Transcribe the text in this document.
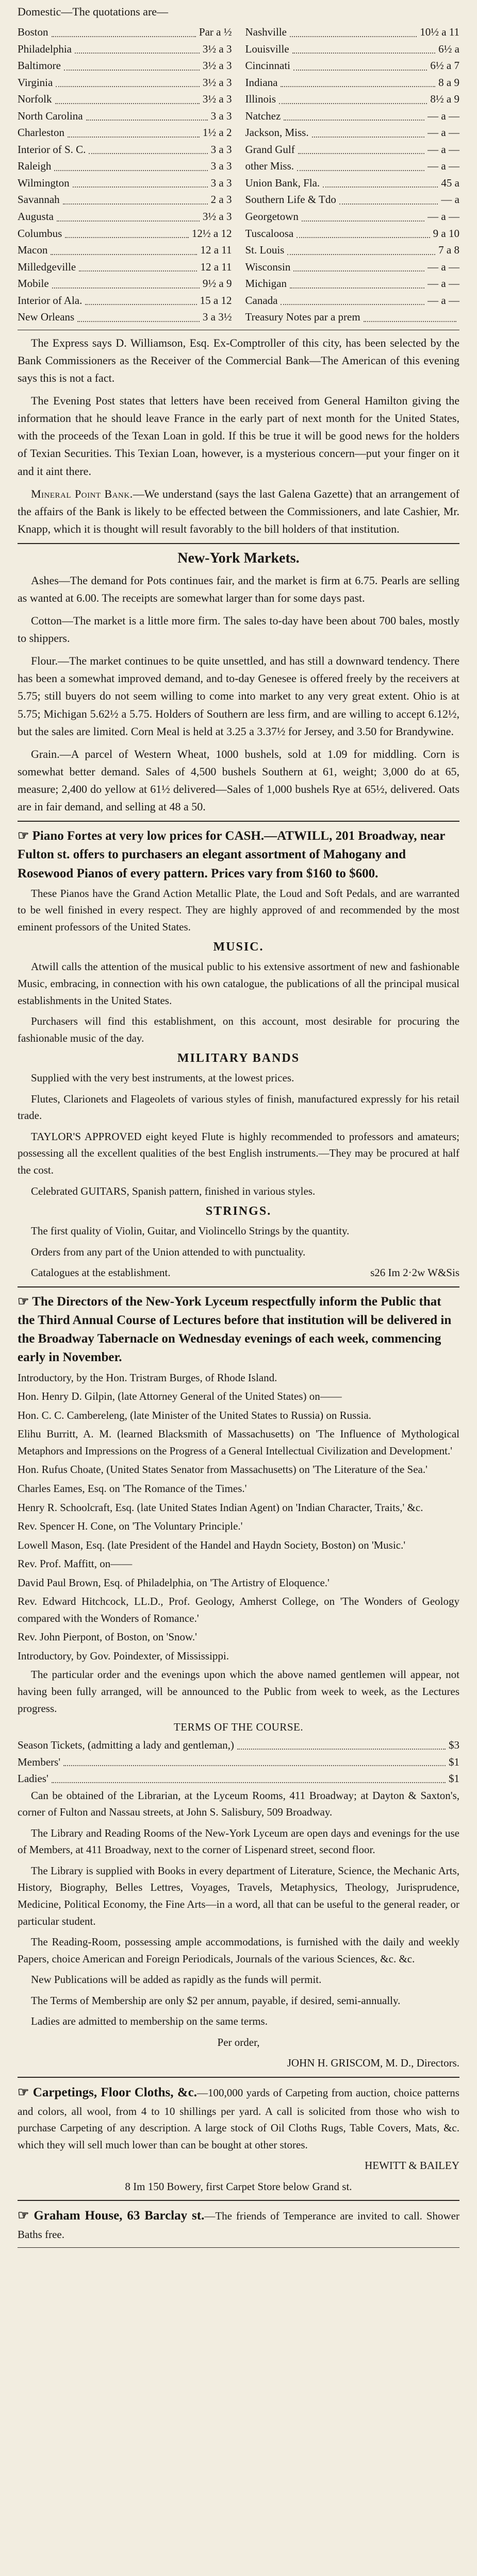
Domestic—The quotations are—
Boston	Par a ½
Philadelphia	3½ a 3
Baltimore	3½ a 3
Virginia	3½ a 3
Norfolk	3½ a 3
North Carolina	3 a 3
Charleston	1½ a 2
Interior of S. C.	3 a 3
Raleigh	3 a 3
Wilmington	3 a 3
Savannah	2 a 3
Augusta	3½ a 3
Columbus	12½ a 12
Macon	12 a 11
Milledgeville	12 a 11
Mobile	9½ a 9
Interior of Ala.	15 a 12
New Orleans	3 a 3½
Nashville	10½ a 11
Louisville	6½ a
Cincinnati	6½ a 7
Indiana	8 a 9
Illinois	8½ a 9
Natchez	— a —
Jackson, Miss.	— a —
Grand Gulf	— a —
other Miss.	— a —
Union Bank, Fla.	45 a
Southern Life & Tdo	— a
Georgetown	— a —
Tuscaloosa	9 a 10
St. Louis	7 a 8
Wisconsin	— a —
Michigan	— a —
Canada	— a —
Treasury Notes par a prem

The Express says D. Williamson, Esq. Ex-Comptroller of this city, has been selected by the Bank Commissioners as the Receiver of the Commercial Bank—The American of this evening says this is not a fact.

The Evening Post states that letters have been received from General Hamilton giving the information that he should leave France in the early part of next month for the United States, with the proceeds of the Texan Loan in gold. If this be true it will be good news for the holders of Texian Securities. This Texian Loan, however, is a mysterious concern—put your finger on it and it aint there.

Mineral Point Bank.—We understand (says the last Galena Gazette) that an arrangement of the affairs of the Bank is likely to be effected between the Commissioners, and late Cashier, Mr. Knapp, which it is thought will result favorably to the bill holders of that institution.

New-York Markets.

Ashes—The demand for Pots continues fair, and the market is firm at 6.75. Pearls are selling as wanted at 6.00. The receipts are somewhat larger than for some days past.

Cotton—The market is a little more firm. The sales to-day have been about 700 bales, mostly to shippers.

Flour.—The market continues to be quite unsettled, and has still a downward tendency. There has been a somewhat improved demand, and to-day Genesee is offered freely by the receivers at 5.75; still buyers do not seem willing to come into market to any very great extent. Ohio is at 5.75; Michigan 5.62½ a 5.75. Holders of Southern are less firm, and are willing to accept 6.12½, but the sales are limited. Corn Meal is held at 3.25 a 3.37½ for Jersey, and 3.50 for Brandywine.

Grain.—A parcel of Western Wheat, 1000 bushels, sold at 1.09 for middling. Corn is somewhat better demand. Sales of 4,500 bushels Southern at 61, weight; 3,000 do at 65, measure; 2,400 do yellow at 61½ delivered—Sales of 1,000 bushels Rye at 65½, delivered. Oats are in fair demand, and selling at 48 a 50.

☞ Piano Fortes at very low prices for CASH.—ATWILL, 201 Broadway, near Fulton st. offers to purchasers an elegant assortment of Mahogany and Rosewood Pianos of every pattern. Prices vary from $160 to $600.
These Pianos have the Grand Action Metallic Plate, the Loud and Soft Pedals, and are warranted to be well finished in every respect. They are highly approved of and recommended by the most eminent professors of the United States.
MUSIC.
Atwill calls the attention of the musical public to his extensive assortment of new and fashionable Music, embracing, in connection with his own catalogue, the publications of all the principal musical establishments in the United States.
Purchasers will find this establishment, on this account, most desirable for procuring the fashionable music of the day.
MILITARY BANDS
Supplied with the very best instruments, at the lowest prices.
Flutes, Clarionets and Flageolets of various styles of finish, manufactured expressly for his retail trade.
TAYLOR'S APPROVED eight keyed Flute is highly recommended to professors and amateurs; possessing all the excellent qualities of the best English instruments.—They may be procured at half the cost.
Celebrated GUITARS, Spanish pattern, finished in various styles.
STRINGS.
The first quality of Violin, Guitar, and Violincello Strings by the quantity.
Orders from any part of the Union attended to with punctuality.
Catalogues at the establishment.	s26 Im 2·2w W&Sis
☞ The Directors of the New-York Lyceum respectfully inform the Public that the Third Annual Course of Lectures before that institution will be delivered in the Broadway Tabernacle on Wednesday evenings of each week, commencing early in November.
Introductory, by the Hon. Tristram Burges, of Rhode Island.
Hon. Henry D. Gilpin, (late Attorney General of the United States) on——
Hon. C. C. Cambereleng, (late Minister of the United States to Russia) on Russia.
Elihu Burritt, A. M. (learned Blacksmith of Massachusetts) on 'The Influence of Mythological Metaphors and Impressions on the Progress of a General Intellectual Civilization and Development.'
Hon. Rufus Choate, (United States Senator from Massachusetts) on 'The Literature of the Sea.'
Charles Eames, Esq. on 'The Romance of the Times.'
Henry R. Schoolcraft, Esq. (late United States Indian Agent) on 'Indian Character, Traits,' &c.
Rev. Spencer H. Cone, on 'The Voluntary Principle.'
Lowell Mason, Esq. (late President of the Handel and Haydn Society, Boston) on 'Music.'
Rev. Prof. Maffitt, on——
David Paul Brown, Esq. of Philadelphia, on 'The Artistry of Eloquence.'
Rev. Edward Hitchcock, LL.D., Prof. Geology, Amherst College, on 'The Wonders of Geology compared with the Wonders of Romance.'
Rev. John Pierpont, of Boston, on 'Snow.'
Introductory, by Gov. Poindexter, of Mississippi.
The particular order and the evenings upon which the above named gentlemen will appear, not having been fully arranged, will be announced to the Public from week to week, as the Lectures progress.
TERMS OF THE COURSE.
Season Tickets, (admitting a lady and gentleman,)	$3
Members'	$1
Ladies'	$1
Can be obtained of the Librarian, at the Lyceum Rooms, 411 Broadway; at Dayton & Saxton's, corner of Fulton and Nassau streets, at John S. Salisbury, 509 Broadway.
The Library and Reading Rooms of the New-York Lyceum are open days and evenings for the use of Members, at 411 Broadway, next to the corner of Lispenard street, second floor.
The Library is supplied with Books in every department of Literature, Science, the Mechanic Arts, History, Biography, Belles Lettres, Voyages, Travels, Metaphysics, Theology, Jurisprudence, Medicine, Political Economy, the Fine Arts—in a word, all that can be useful to the general reader, or particular student.
The Reading-Room, possessing ample accommodations, is furnished with the daily and weekly Papers, choice American and Foreign Periodicals, Journals of the various Sciences, &c. &c.
New Publications will be added as rapidly as the funds will permit.
The Terms of Membership are only $2 per annum, payable, if desired, semi-annually.
Ladies are admitted to membership on the same terms.
Per order,
JOHN H. GRISCOM, M. D., Directors.
☞ Carpetings, Floor Cloths, &c.—100,000 yards of Carpeting from auction, choice patterns and colors, all wool, from 4 to 10 shillings per yard. A call is solicited from those who wish to purchase Carpeting of any description. A large stock of Oil Cloths Rugs, Table Covers, Mats, &c. which they will sell much lower than can be bought at other stores.
HEWITT & BAILEY
8 Im 150 Bowery, first Carpet Store below Grand st.
☞ Graham House, 63 Barclay st.—The friends of Temperance are invited to call. Shower Baths free.
